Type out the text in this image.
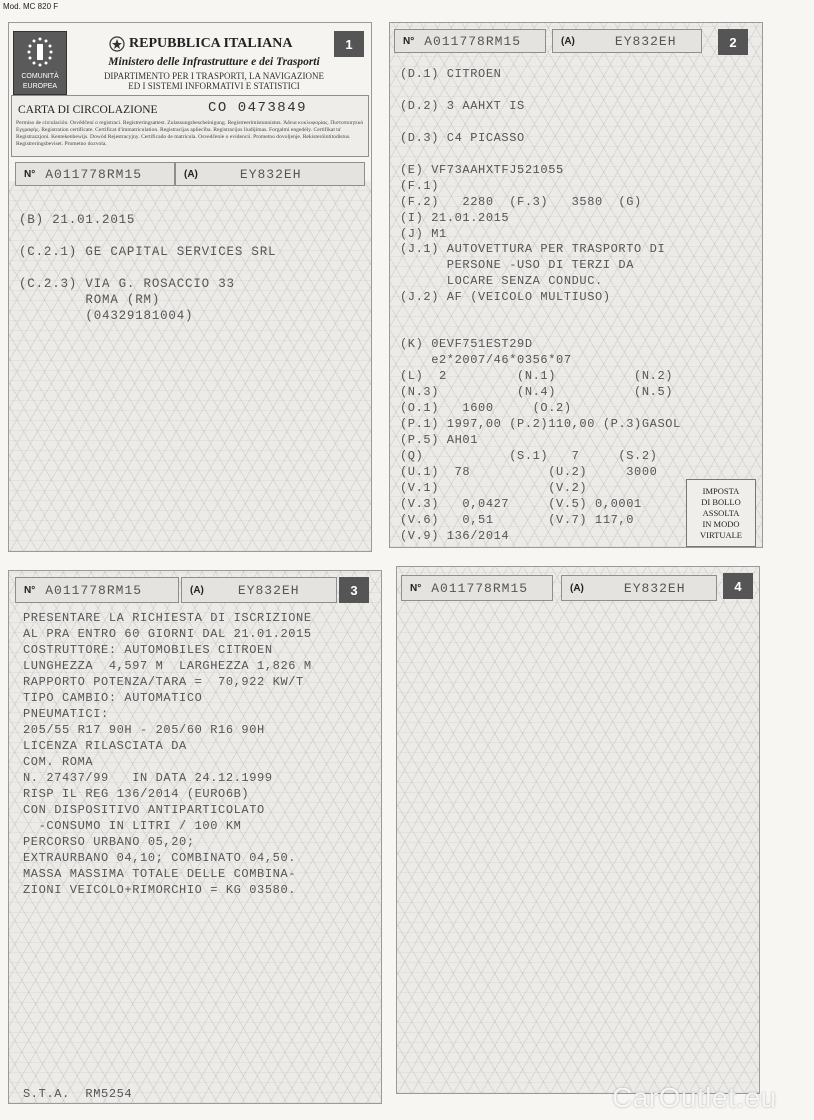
Mod. MC 820 F
COMUNITÀ
EUROPEA
REPUBBLICA ITALIANA
Ministero delle Infrastrutture e dei Trasporti
DIPARTIMENTO PER I TRASPORTI, LA NAVIGAZIONE
ED I SISTEMI INFORMATIVI E STATISTICI
1
CARTA DI CIRCOLAZIONE	CO 0473849
Permiso de circulación. Osvědčení o registraci. Registreringsattest. Zulassungsbescheinigung. Registreerimistunnistus. Άδεια κυκλοφορίας. Πιστοποιητικό Εγγραφής. Registration certificate. Certificat d'immatriculation. Registracijas apliecība. Registracijos liudijimas. Forgalmi engedély. Certifikat ta' Registrazzjoni. Kentekenbewijs. Dowód Rejestracyjny. Certificado de matrícula. Osvedčenie o evidencii. Prometno dovoljenje. Rekisteröintitodistus. Registreringsbeviset. Prometno dozvola.
N° A011778RM15	(A)	EY832EH
(B) 21.01.2015
(C.2.1) GE CAPITAL SERVICES SRL
(C.2.3) VIA G. ROSACCIO 33
ROMA (RM)
(04329181004)
N° A011778RM15	(A)	EY832EH	2
(D.1) CITROEN
(D.2) 3 AAHXT IS
(D.3) C4 PICASSO
(E) VF73AAHXTFJ521055
(F.1)
(F.2)   2280  (F.3)   3580  (G)
(I) 21.01.2015
(J) M1
(J.1) AUTOVETTURA PER TRASPORTO DI
PERSONE -USO DI TERZI DA
LOCARE SENZA CONDUC.
(J.2) AF (VEICOLO MULTIUSO)
(K) 0EVF751EST29D
e2*2007/46*0356*07
(L)  2         (N.1)          (N.2)
(N.3)          (N.4)          (N.5)
(O.1)   1600     (O.2)
(P.1) 1997,00 (P.2)110,00 (P.3)GASOL
(P.5) AH01
(Q)           (S.1)   7     (S.2)
(U.1)  78          (U.2)     3000
(V.1)              (V.2)
(V.3)   0,0427     (V.5) 0,0001
(V.6)   0,51       (V.7) 117,0
(V.9) 136/2014
IMPOSTA
DI BOLLO
ASSOLTA
IN MODO
VIRTUALE
N° A011778RM15	(A)	EY832EH	3
PRESENTARE LA RICHIESTA DI ISCRIZIONE
AL PRA ENTRO 60 GIORNI DAL 21.01.2015
COSTRUTTORE: AUTOMOBILES CITROEN
LUNGHEZZA  4,597 M  LARGHEZZA 1,826 M
RAPPORTO POTENZA/TARA =  70,922 KW/T
TIPO CAMBIO: AUTOMATICO
PNEUMATICI:
205/55 R17 90H - 205/60 R16 90H
LICENZA RILASCIATA DA
COM. ROMA
N. 27437/99   IN DATA 24.12.1999
RISP IL REG 136/2014 (EURO6B)
CON DISPOSITIVO ANTIPARTICOLATO
-CONSUMO IN LITRI / 100 KM
PERCORSO URBANO 05,20;
EXTRAURBANO 04,10; COMBINATO 04,50.
MASSA MASSIMA TOTALE DELLE COMBINA-
ZIONI VEICOLO+RIMORCHIO = KG 03580.
S.T.A.  RM5254
N° A011778RM15	(A)	EY832EH	4
CarOutlet.eu
